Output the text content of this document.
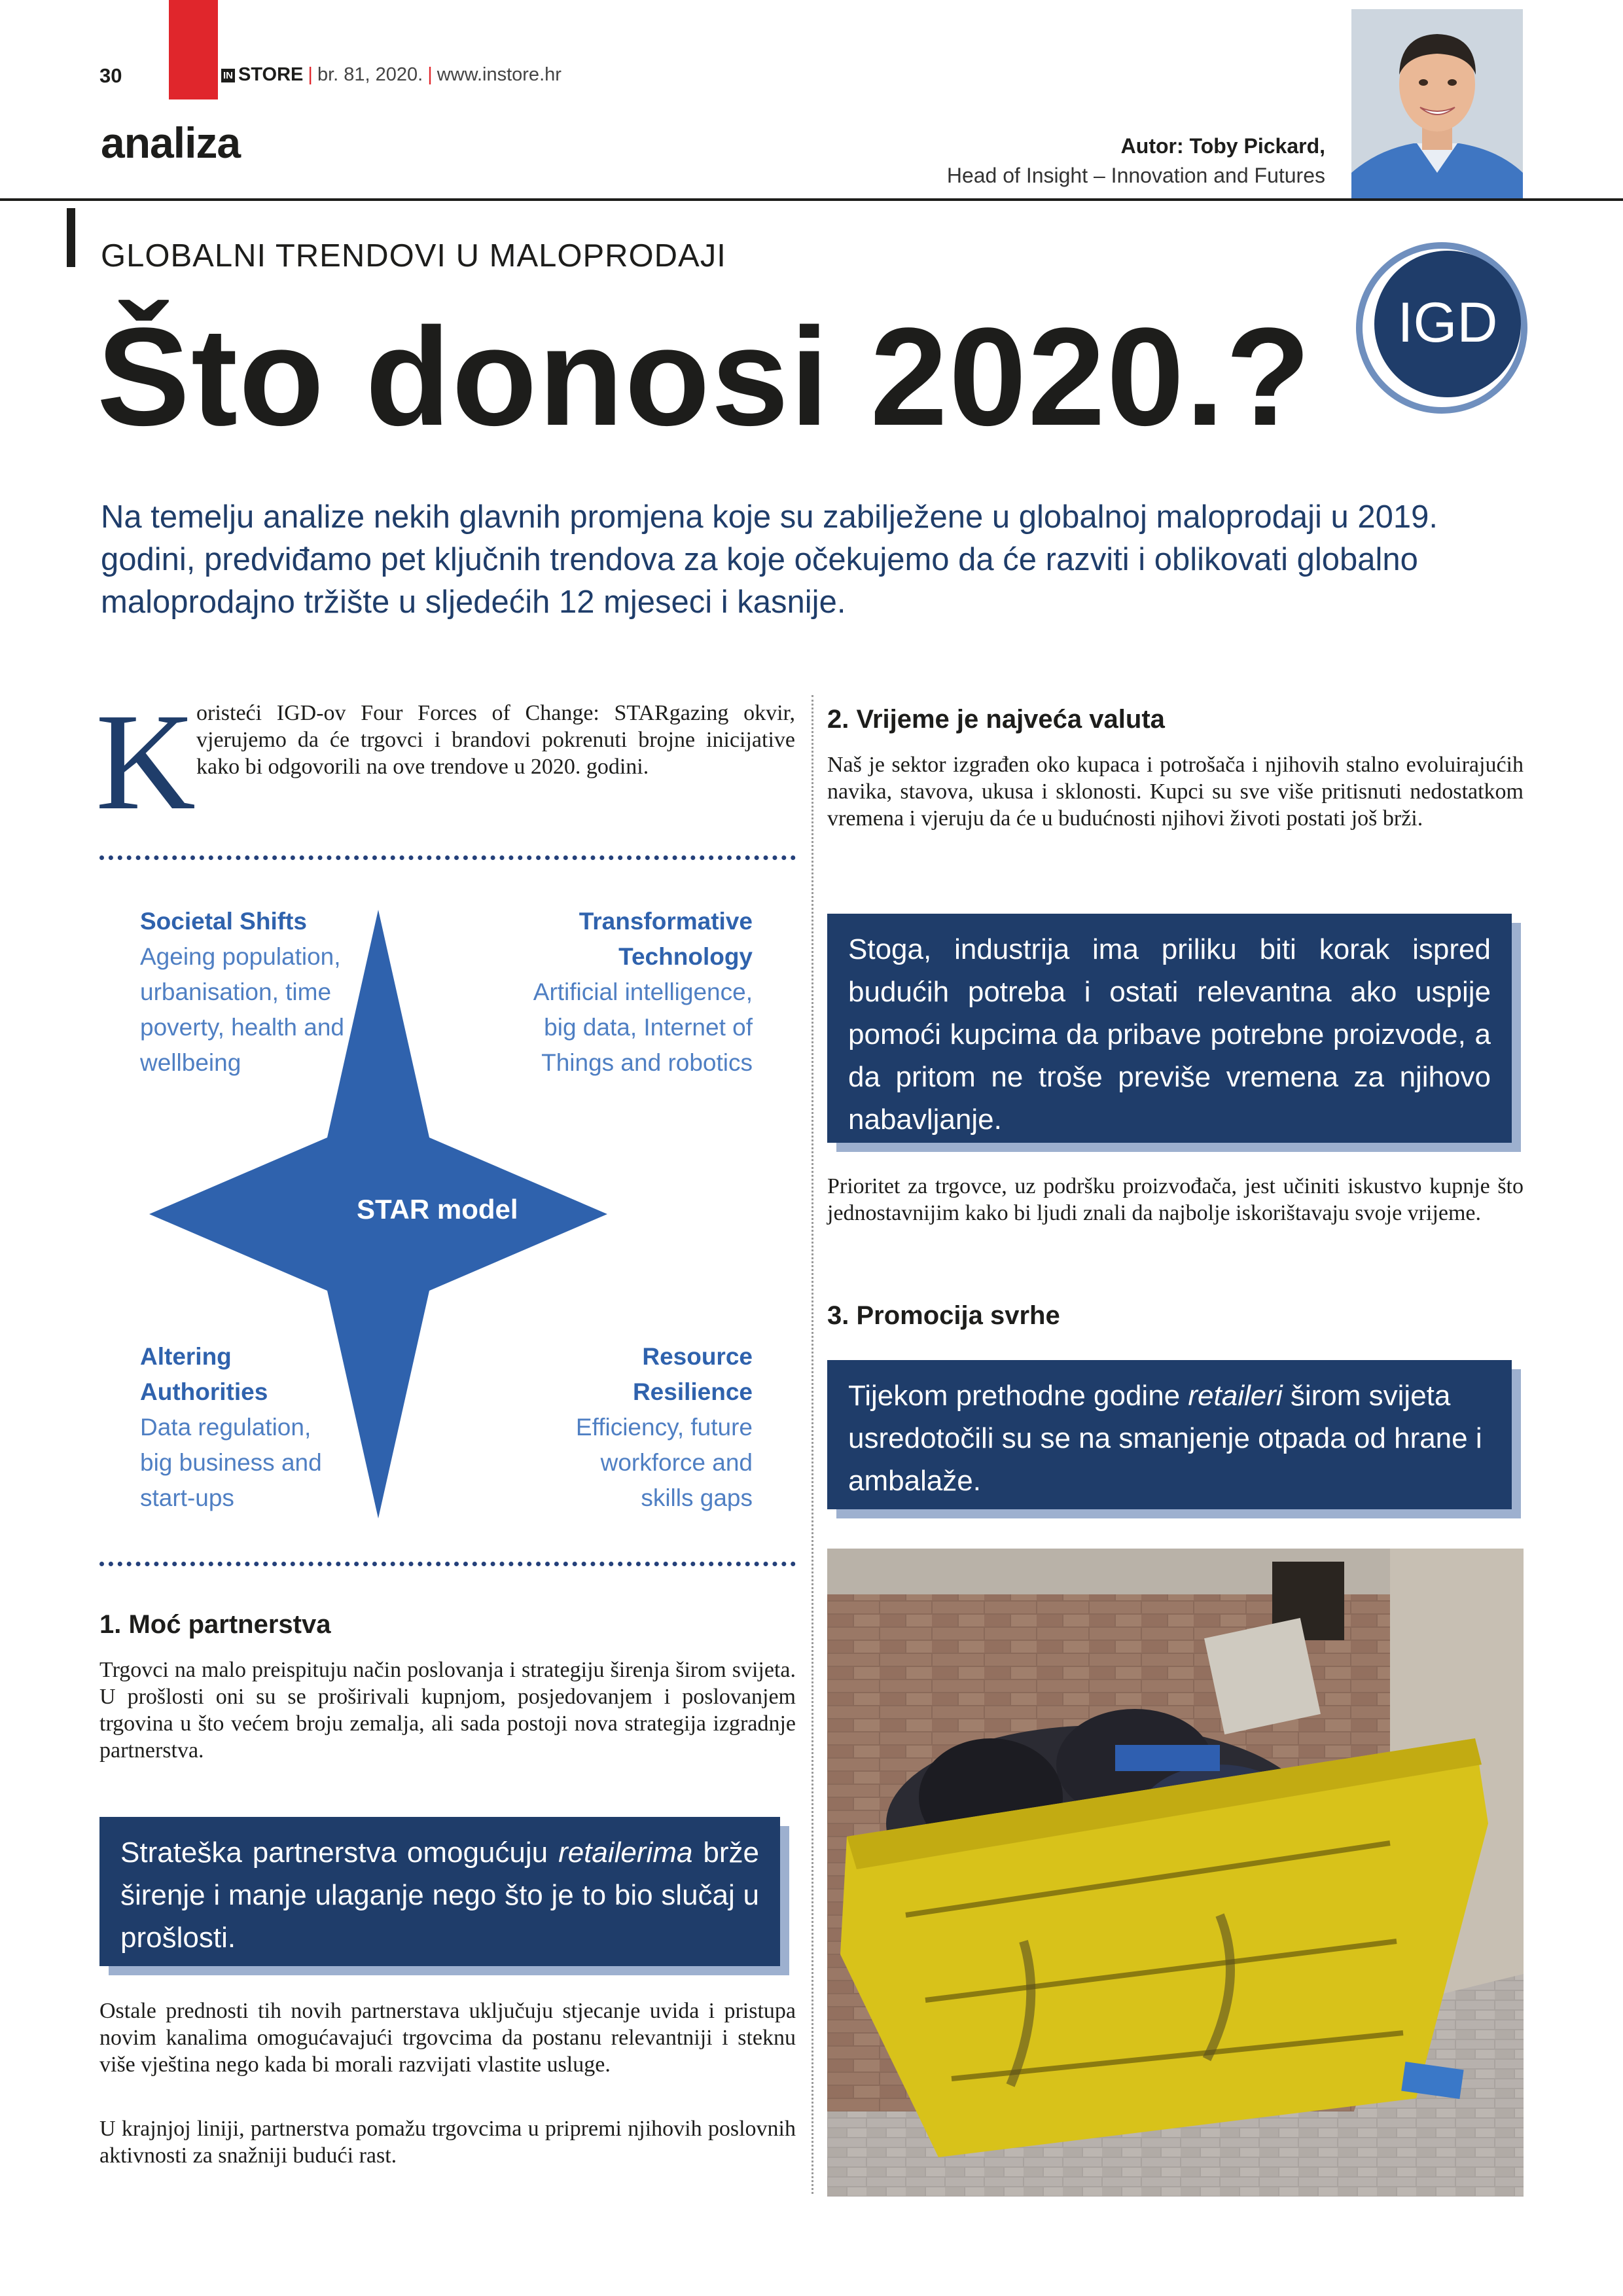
30	IN STORE | br. 81, 2020. | www.instore.hr
analiza	Autor: Toby Pickard,
Head of Insight – Innovation and Futures
GLOBALNI TRENDOVI U MALOPRODAJI
IGD
Što donosi 2020.?
Na temelju analize nekih glavnih promjena koje su zabilježene u globalnoj maloprodaji u 2019. godini, predviđamo pet ključnih trendova za koje očekujemo da će razviti i oblikovati globalno maloprodajno tržište u sljedećih 12 mjeseci i kasnije.
K oristeći IGD-ov Four Forces of Change: STARgazing okvir, vjerujemo da će trgovci i brandovi pokrenuti brojne inicijative kako bi odgovorili na ove trendove u 2020. godini.
STAR model
Societal Shifts
Ageing population,
urbanisation, time
poverty, health and
wellbeing
Transformative
Technology
Artificial intelligence,
big data, Internet of
Things and robotics
Altering
Authorities
Data regulation,
big business and
start-ups
Resource
Resilience
Efficiency, future
workforce and
skills gaps
1. Moć partnerstva
Trgovci na malo preispituju način poslovanja i strategiju širenja širom svijeta. U prošlosti oni su se proširivali kupnjom, posjedovanjem i poslovanjem trgovina u što većem broju zemalja, ali sada postoji nova strategija izgradnje partnerstva.
Strateška partnerstva omogućuju retailerima brže širenje i manje ulaganje nego što je to bio slučaj u prošlosti.
Ostale prednosti tih novih partnerstava uključuju stjecanje uvida i pristupa novim kanalima omogućavajući trgovcima da postanu relevantniji i steknu više vještina nego kada bi morali razvijati vlastite usluge.
U krajnjoj liniji, partnerstva pomažu trgovcima u pripremi njihovih poslovnih aktivnosti za snažniji budući rast.
2. Vrijeme je najveća valuta
Naš je sektor izgrađen oko kupaca i potrošača i njihovih stalno evoluirajućih navika, stavova, ukusa i sklonosti. Kupci su sve više pritisnuti nedostatkom vremena i vjeruju da će u budućnosti njihovi životi postati još brži.
Stoga, industrija ima priliku biti korak ispred budućih potreba i ostati relevantna ako uspije pomoći kupcima da pribave potrebne proizvode, a da pritom ne troše previše vremena za njihovo nabavljanje.
Prioritet za trgovce, uz podršku proizvođača, jest učiniti iskustvo kupnje što jednostavnijim kako bi ljudi znali da najbolje iskorištavaju svoje vrijeme.
3. Promocija svrhe
Tijekom prethodne godine retaileri širom svijeta usredotočili su se na smanjenje otpada od hrane i ambalaže.
